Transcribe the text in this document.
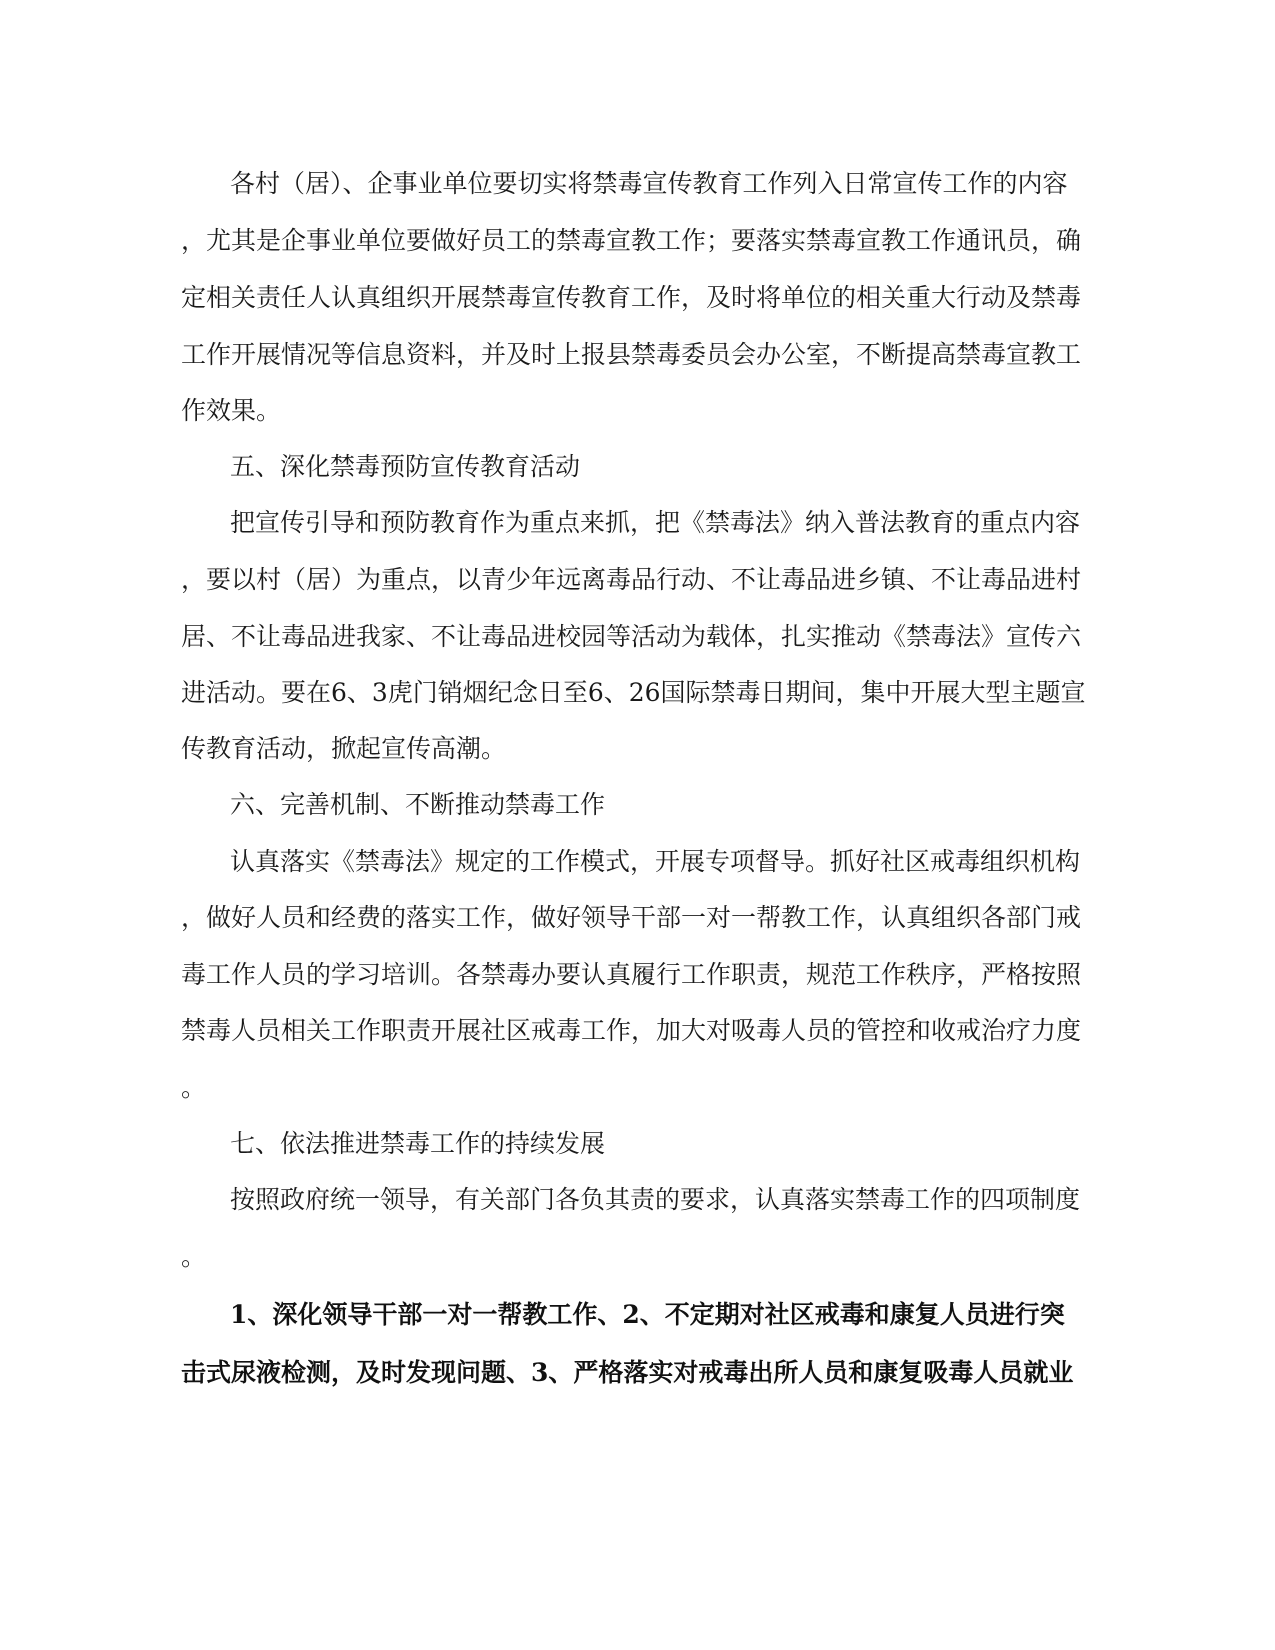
各村（居）、企事业单位要切实将禁毒宣传教育工作列入日常宣传工作的内容
，尤其是企事业单位要做好员工的禁毒宣教工作；要落实禁毒宣教工作通讯员，确
定相关责任人认真组织开展禁毒宣传教育工作，及时将单位的相关重大行动及禁毒
工作开展情况等信息资料，并及时上报县禁毒委员会办公室，不断提高禁毒宣教工
作效果。
五、深化禁毒预防宣传教育活动
把宣传引导和预防教育作为重点来抓，把《禁毒法》纳入普法教育的重点内容
，要以村（居）为重点，以青少年远离毒品行动、不让毒品进乡镇、不让毒品进村
居、不让毒品进我家、不让毒品进校园等活动为载体，扎实推动《禁毒法》宣传六
进活动。要在6、3虎门销烟纪念日至6、26国际禁毒日期间，集中开展大型主题宣
传教育活动，掀起宣传高潮。
六、完善机制、不断推动禁毒工作
认真落实《禁毒法》规定的工作模式，开展专项督导。抓好社区戒毒组织机构
，做好人员和经费的落实工作，做好领导干部一对一帮教工作，认真组织各部门戒
毒工作人员的学习培训。各禁毒办要认真履行工作职责，规范工作秩序，严格按照
禁毒人员相关工作职责开展社区戒毒工作，加大对吸毒人员的管控和收戒治疗力度
。
七、依法推进禁毒工作的持续发展
按照政府统一领导，有关部门各负其责的要求，认真落实禁毒工作的四项制度
。
1、深化领导干部一对一帮教工作、2、不定期对社区戒毒和康复人员进行突
击式尿液检测，及时发现问题、3、严格落实对戒毒出所人员和康复吸毒人员就业
